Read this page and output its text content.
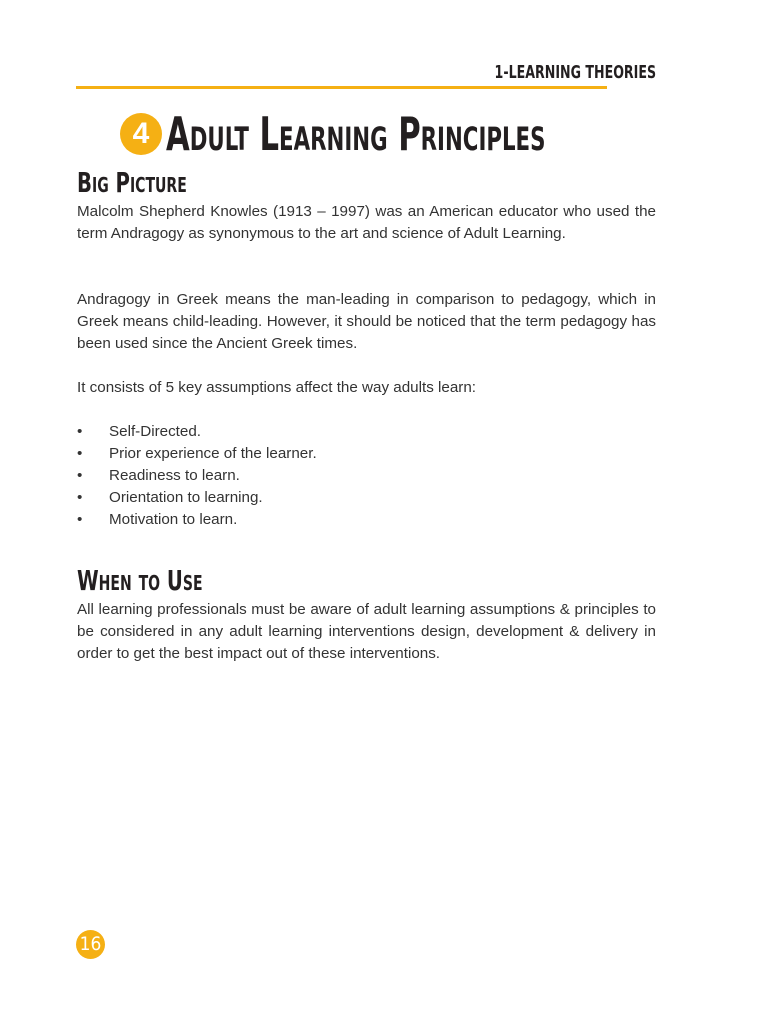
1-LEARNING THEORIES
4 Adult Learning Principles
Big Picture

Malcolm Shepherd Knowles (1913 – 1997) was an American educator who used the term Andragogy as synonymous to the art and science of Adult Learning.

Andragogy in Greek means the man-leading in comparison to pedagogy, which in Greek means child-leading. However, it should be noticed that the term pedagogy has been used since the Ancient Greek times.

It consists of 5 key assumptions affect the way adults learn:

• Self-Directed.
• Prior experience of the learner.
• Readiness to learn.
• Orientation to learning.
• Motivation to learn.
When to Use

All learning professionals must be aware of adult learning assumptions & principles to be considered in any adult learning interventions design, development & delivery in order to get the best impact out of these interventions.

16
